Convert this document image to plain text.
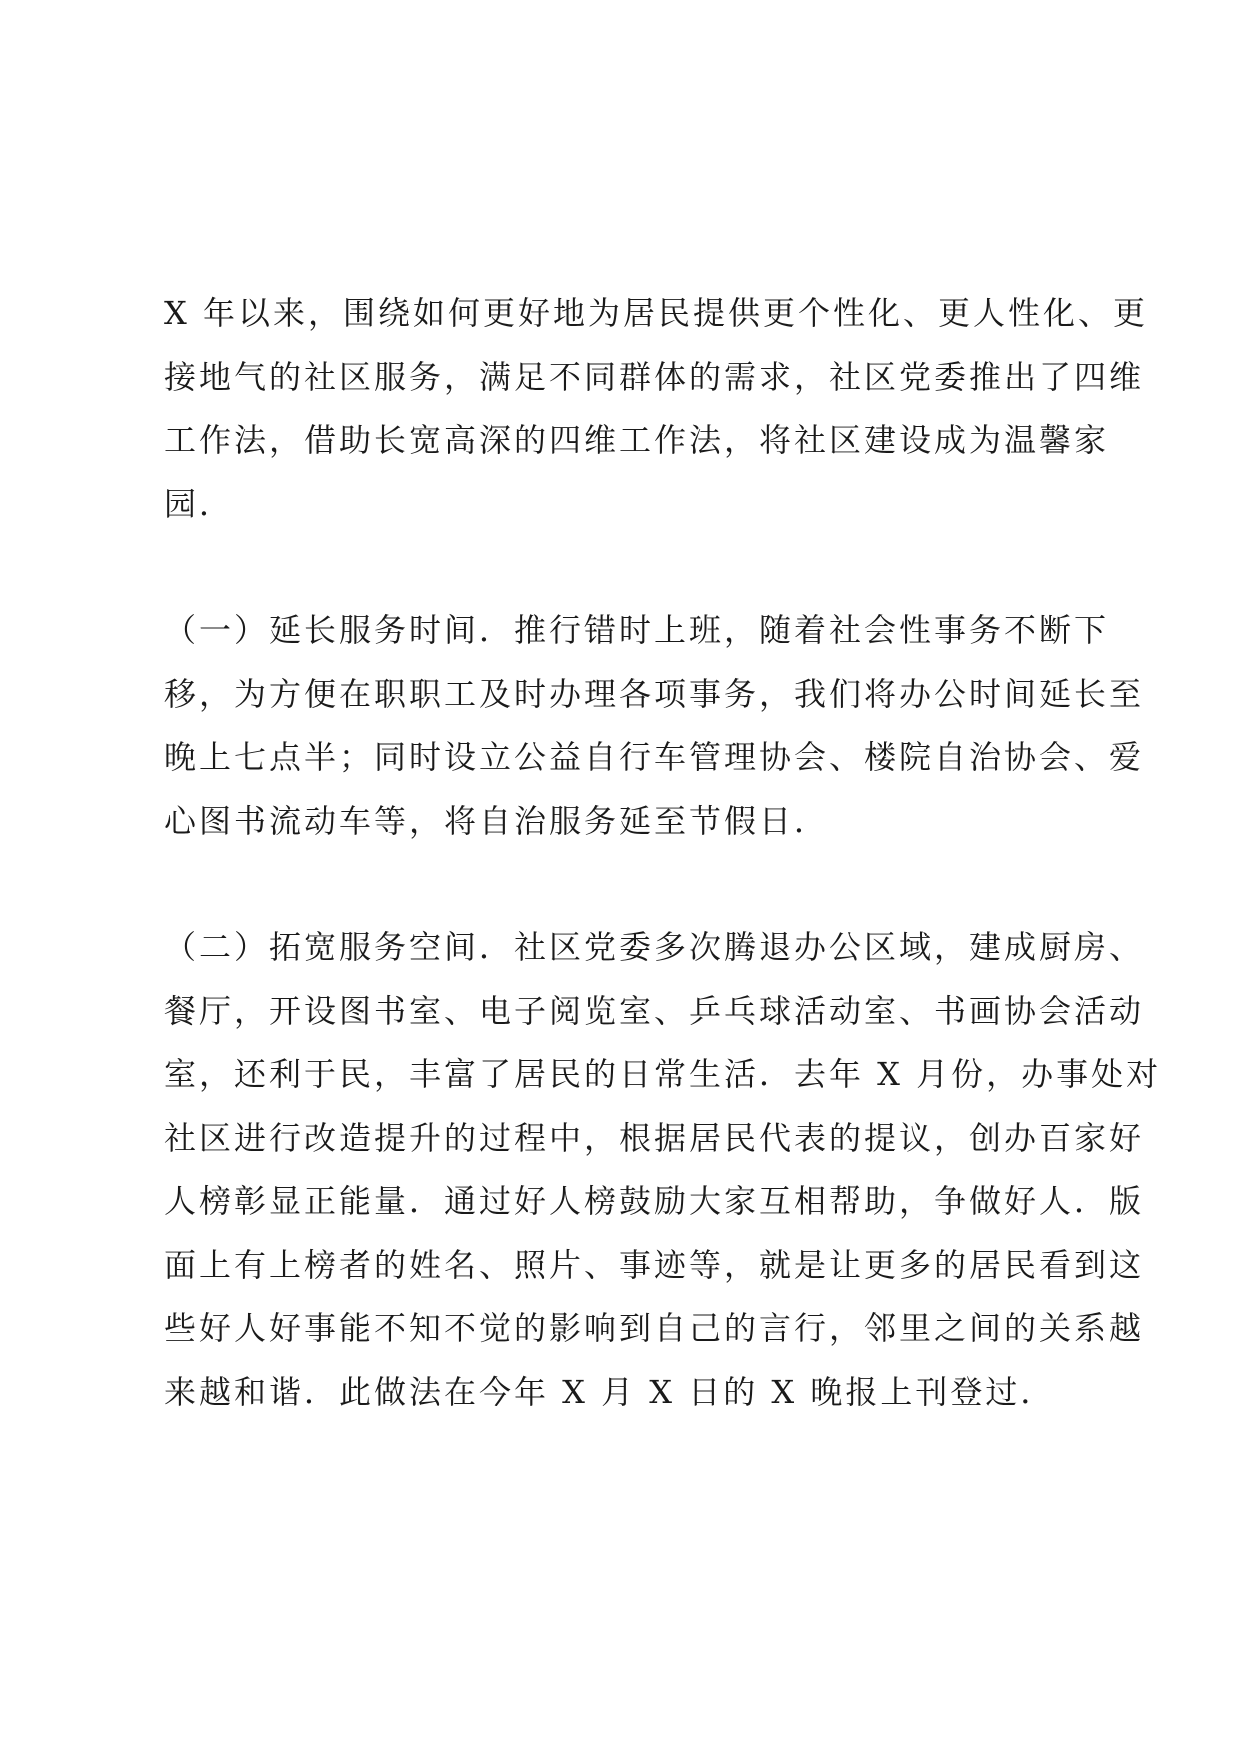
X 年以来，围绕如何更好地为居民提供更个性化、更人性化、更
接地气的社区服务，满足不同群体的需求，社区党委推出了四维
工作法，借助长宽高深的四维工作法，将社区建设成为温馨家
园．
（一）延长服务时间．推行错时上班，随着社会性事务不断下
移，为方便在职职工及时办理各项事务，我们将办公时间延长至
晚上七点半；同时设立公益自行车管理协会、楼院自治协会、爱
心图书流动车等，将自治服务延至节假日．
（二）拓宽服务空间．社区党委多次腾退办公区域，建成厨房、
餐厅，开设图书室、电子阅览室、乒乓球活动室、书画协会活动
室，还利于民，丰富了居民的日常生活．去年 X 月份，办事处对
社区进行改造提升的过程中，根据居民代表的提议，创办百家好
人榜彰显正能量．通过好人榜鼓励大家互相帮助，争做好人．版
面上有上榜者的姓名、照片、事迹等，就是让更多的居民看到这
些好人好事能不知不觉的影响到自己的言行，邻里之间的关系越
来越和谐．此做法在今年 X 月 X 日的 X 晚报上刊登过．
